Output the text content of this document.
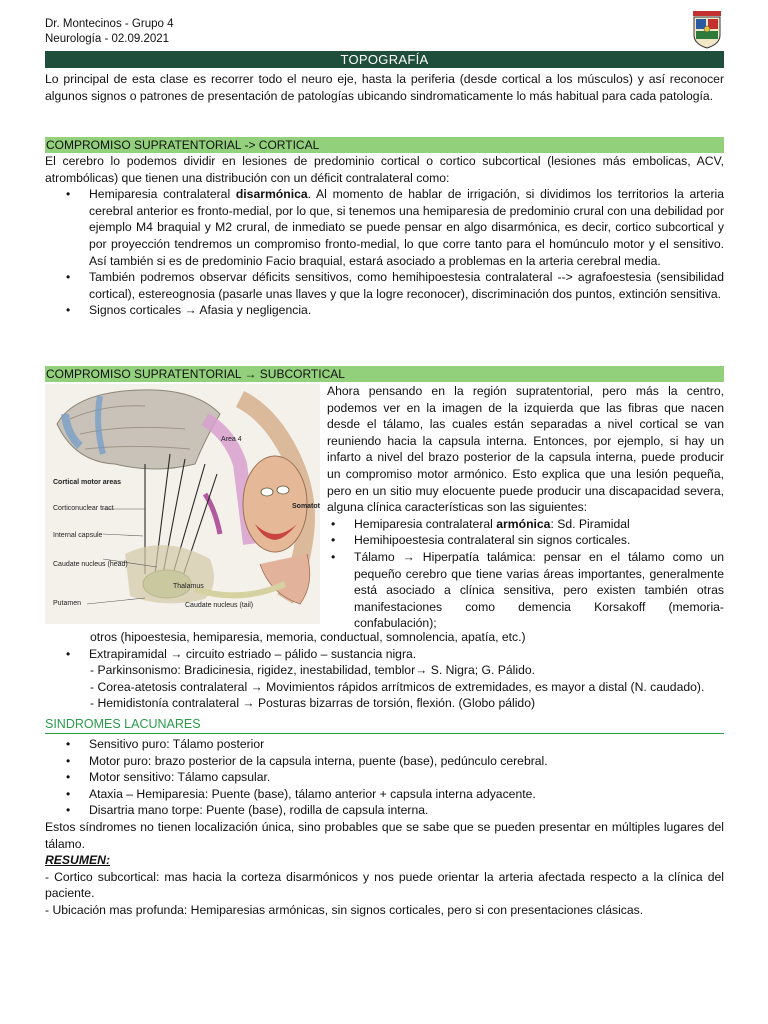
Dr. Montecinos - Grupo 4
Neurología - 02.09.2021
TOPOGRAFÍA

Lo principal de esta clase es recorrer todo el neuro eje, hasta la periferia (desde cortical a los músculos) y así reconocer algunos signos o patrones de presentación de patologías ubicando sindromaticamente lo más habitual para cada patología.

COMPROMISO SUPRATENTORIAL -> CORTICAL

El cerebro lo podemos dividir en lesiones de predominio cortical o cortico subcortical (lesiones más embolicas, ACV, atrombólicas) que tienen una distribución con un déficit contralateral como:

• Hemiparesia contralateral disarmónica. Al momento de hablar de irrigación, si dividimos los territorios la arteria cerebral anterior es fronto-medial, por lo que, si tenemos una hemiparesia de predominio crural con una debilidad por ejemplo M4 braquial y M2 crural, de inmediato se puede pensar en algo disarmónica, es decir, cortico subcortical y por proyección tendremos un compromiso fronto-medial, lo que corre tanto para el homúnculo motor y el sensitivo. Así también si es de predominio Facio braquial, estará asociado a problemas en la arteria cerebral media.
• También podremos observar déficits sensitivos, como hemihipoestesia contralateral --> agrafoestesia (sensibilidad cortical), estereognosia (pasarle unas llaves y que la logre reconocer), discriminación dos puntos, extinción sensitiva.
• Signos corticales → Afasia y negligencia.
COMPROMISO SUPRATENTORIAL → SUBCORTICAL
Area 4
Somatot
Cortical motor areas
Corticonuclear tract
Internal capsule
Caudate nucleus (head)
Thalamus
Putamen	Caudate nucleus (tail)

Ahora pensando en la región supratentorial, pero más la centro, podemos ver en la imagen de la izquierda que las fibras que nacen desde el tálamo, las cuales están separadas a nivel cortical se van reuniendo hacia la capsula interna. Entonces, por ejemplo, si hay un infarto a nivel del brazo posterior de la capsula interna, puede producir un compromiso motor armónico. Esto explica que una lesión pequeña, pero en un sitio muy elocuente puede producir una discapacidad severa, alguna clínica características son las siguientes:

• Hemiparesia contralateral armónica: Sd. Piramidal
• Hemihipoestesia contralateral sin signos corticales.
• Tálamo → Hiperpatía talámica: pensar en el tálamo como un pequeño cerebro que tiene varias áreas importantes, generalmente está asociado a clínica sensitiva, pero existen también otras manifestaciones como demencia Korsakoff (memoria-confabulación);

otros (hipoestesia, hemiparesia, memoria, conductual, somnolencia, apatía, etc.)

• Extrapiramidal → circuito estriado – pálido – sustancia nigra.
- Parkinsonismo: Bradicinesia, rigidez, inestabilidad, temblor→ S. Nigra; G. Pálido.
- Corea-atetosis contralateral → Movimientos rápidos arrítmicos de extremidades, es mayor a distal (N. caudado).
- Hemidistonía contralateral → Posturas bizarras de torsión, flexión. (Globo pálido)
SINDROMES LACUNARES
• Sensitivo puro: Tálamo posterior
• Motor puro: brazo posterior de la capsula interna, puente (base), pedúnculo cerebral.
• Motor sensitivo: Tálamo capsular.
• Ataxia – Hemiparesia: Puente (base), tálamo anterior + capsula interna adyacente.
• Disartria mano torpe: Puente (base), rodilla de capsula interna.

Estos síndromes no tienen localización única, sino probables que se sabe que se pueden presentar en múltiples lugares del tálamo.

RESUMEN:

- Cortico subcortical: mas hacia la corteza disarmónicos y nos puede orientar la arteria afectada respecto a la clínica del paciente.

- Ubicación mas profunda: Hemiparesias armónicas, sin signos corticales, pero si con presentaciones clásicas.
